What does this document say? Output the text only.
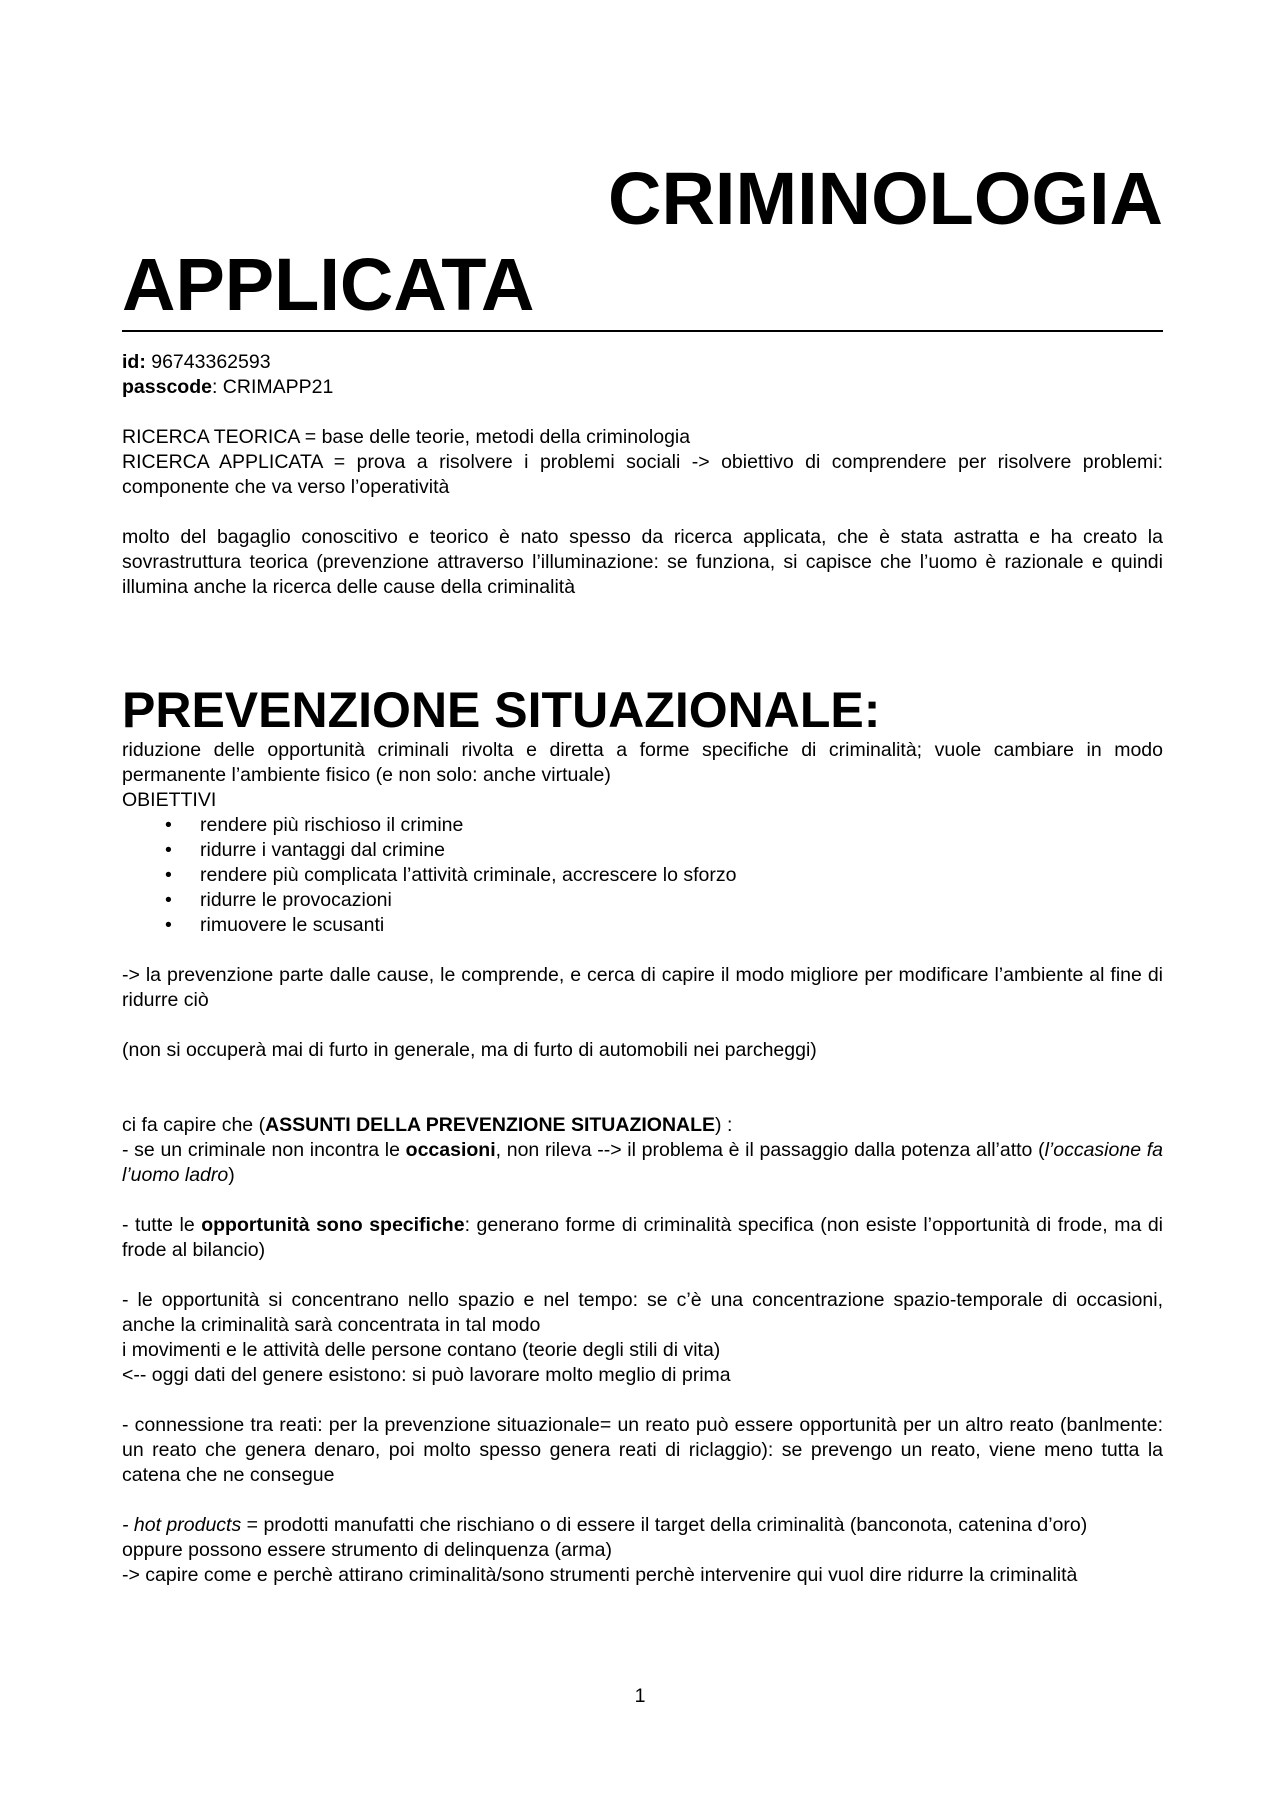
CRIMINOLOGIA
APPLICATA

id: 96743362593

passcode: CRIMAPP21

RICERCA TEORICA = base delle teorie, metodi della criminologia

RICERCA APPLICATA = prova a risolvere i problemi sociali -> obiettivo di comprendere per risolvere problemi: componente che va verso l’operatività

molto del bagaglio conoscitivo e teorico è nato spesso da ricerca applicata, che è stata astratta e ha creato la sovrastruttura teorica (prevenzione attraverso l’illuminazione: se funziona, si capisce che l’uomo è razionale e quindi illumina anche la ricerca delle cause della criminalità

PREVENZIONE SITUAZIONALE:

riduzione delle opportunità criminali rivolta e diretta a forme specifiche di criminalità; vuole cambiare in modo permanente l’ambiente fisico (e non solo: anche virtuale)

OBIETTIVI

• rendere più rischioso il crimine
• ridurre i vantaggi dal crimine
• rendere più complicata l’attività criminale, accrescere lo sforzo
• ridurre le provocazioni
• rimuovere le scusanti

-> la prevenzione parte dalle cause, le comprende, e cerca di capire il modo migliore per modificare l’ambiente al fine di ridurre ciò

(non si occuperà mai di furto in generale, ma di furto di automobili nei parcheggi)

ci fa capire che (ASSUNTI DELLA PREVENZIONE SITUAZIONALE) :

- se un criminale non incontra le occasioni, non rileva --> il problema è il passaggio dalla potenza all’atto (l’occasione fa l’uomo ladro)

- tutte le opportunità sono specifiche: generano forme di criminalità specifica (non esiste l’opportunità di frode, ma di frode al bilancio)

- le opportunità si concentrano nello spazio e nel tempo: se c’è una concentrazione spazio-temporale di occasioni, anche la criminalità sarà concentrata in tal modo

i movimenti e le attività delle persone contano (teorie degli stili di vita)

<-- oggi dati del genere esistono: si può lavorare molto meglio di prima

- connessione tra reati: per la prevenzione situazionale= un reato può essere opportunità per un altro reato (banlmente: un reato che genera denaro, poi molto spesso genera reati di riclaggio): se prevengo un reato, viene meno tutta la catena che ne consegue

- hot products = prodotti manufatti che rischiano o di essere il target della criminalità (banconota, catenina d’oro)

oppure possono essere strumento di delinquenza (arma)

-> capire come e perchè attirano criminalità/sono strumenti perchè intervenire qui vuol dire ridurre la criminalità

1
